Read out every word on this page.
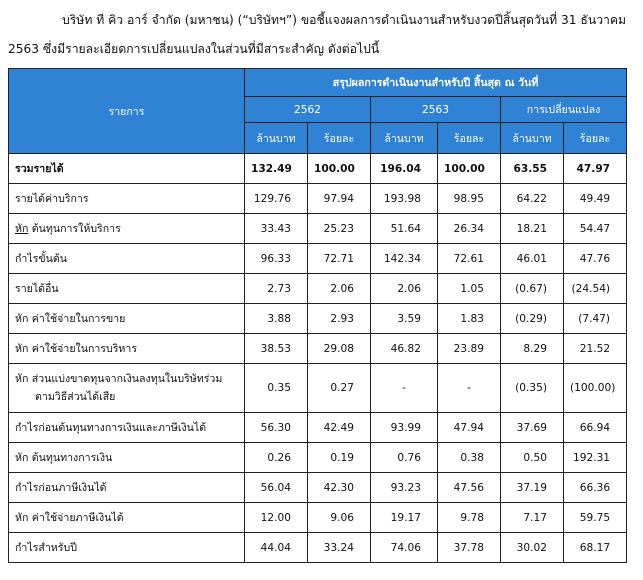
บริษัท ที คิว อาร์ จำกัด (มหาชน) (“บริษัทฯ”) ขอชี้แจงผลการดำเนินงานสำหรับงวดปีสิ้นสุดวันที่ 31 ธันวาคม
2563 ซึ่งมีรายละเอียดการเปลี่ยนแปลงในส่วนที่มีสาระสำคัญ ดังต่อไปนี้
รายการ	สรุปผลการดำเนินงานสำหรับปี สิ้นสุด ณ วันที่					
	2562		2563		การเปลี่ยนแปลง	
	ล้านบาท	ร้อยละ	ล้านบาท	ร้อยละ	ล้านบาท	ร้อยละ
รวมรายได้	132.49	100.00	196.04	100.00	63.55	47.97
รายได้ค่าบริการ	129.76	97.94	193.98	98.95	64.22	49.49
หัก ต้นทุนการให้บริการ	33.43	25.23	51.64	26.34	18.21	54.47
กำไรขั้นต้น	96.33	72.71	142.34	72.61	46.01	47.76
รายได้อื่น	2.73	2.06	2.06	1.05	(0.67)	(24.54)
หัก ค่าใช้จ่ายในการขาย	3.88	2.93	3.59	1.83	(0.29)	(7.47)
หัก ค่าใช้จ่ายในการบริหาร	38.53	29.08	46.82	23.89	8.29	21.52
หัก ส่วนแบ่งขาดทุนจากเงินลงทุนในบริษัทร่วม
ตามวิธีส่วนได้เสีย	0.35	0.27	-	-	(0.35)	(100.00)
กำไรก่อนต้นทุนทางการเงินและภาษีเงินได้	56.30	42.49	93.99	47.94	37.69	66.94
หัก ต้นทุนทางการเงิน	0.26	0.19	0.76	0.38	0.50	192.31
กำไรก่อนภาษีเงินได้	56.04	42.30	93.23	47.56	37.19	66.36
หัก ค่าใช้จ่ายภาษีเงินได้	12.00	9.06	19.17	9.78	7.17	59.75
กำไรสำหรับปี	44.04	33.24	74.06	37.78	30.02	68.17
